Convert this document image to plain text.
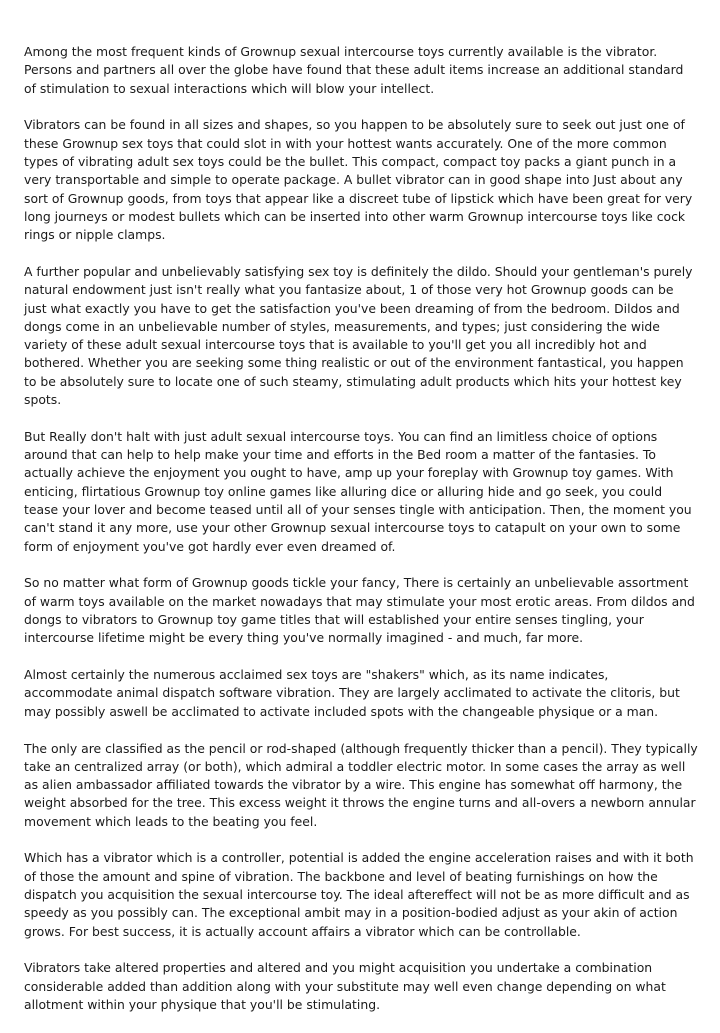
Among the most frequent kinds of Grownup sexual intercourse toys currently available is the vibrator. Persons and partners all over the globe have found that these adult items increase an additional standard of stimulation to sexual interactions which will blow your intellect.

Vibrators can be found in all sizes and shapes, so you happen to be absolutely sure to seek out just one of these Grownup sex toys that could slot in with your hottest wants accurately. One of the more common types of vibrating adult sex toys could be the bullet. This compact, compact toy packs a giant punch in a very transportable and simple to operate package. A bullet vibrator can in good shape into Just about any sort of Grownup goods, from toys that appear like a discreet tube of lipstick which have been great for very long journeys or modest bullets which can be inserted into other warm Grownup intercourse toys like cock rings or nipple clamps.

A further popular and unbelievably satisfying sex toy is definitely the dildo. Should your gentleman's purely natural endowment just isn't really what you fantasize about, 1 of those very hot Grownup goods can be just what exactly you have to get the satisfaction you've been dreaming of from the bedroom. Dildos and dongs come in an unbelievable number of styles, measurements, and types; just considering the wide variety of these adult sexual intercourse toys that is available to you'll get you all incredibly hot and bothered. Whether you are seeking some thing realistic or out of the environment fantastical, you happen to be absolutely sure to locate one of such steamy, stimulating adult products which hits your hottest key spots.

But Really don't halt with just adult sexual intercourse toys. You can find an limitless choice of options around that can help to help make your time and efforts in the Bed room a matter of the fantasies. To actually achieve the enjoyment you ought to have, amp up your foreplay with Grownup toy games. With enticing, flirtatious Grownup toy online games like alluring dice or alluring hide and go seek, you could tease your lover and become teased until all of your senses tingle with anticipation. Then, the moment you can't stand it any more, use your other Grownup sexual intercourse toys to catapult on your own to some form of enjoyment you've got hardly ever even dreamed of.

So no matter what form of Grownup goods tickle your fancy, There is certainly an unbelievable assortment of warm toys available on the market nowadays that may stimulate your most erotic areas. From dildos and dongs to vibrators to Grownup toy game titles that will established your entire senses tingling, your intercourse lifetime might be every thing you've normally imagined - and much, far more.

Almost certainly the numerous acclaimed sex toys are "shakers" which, as its name indicates, accommodate animal dispatch software vibration. They are largely acclimated to activate the clitoris, but may possibly aswell be acclimated to activate included spots with the changeable physique or a man.

The only are classified as the pencil or rod-shaped (although frequently thicker than a pencil). They typically take an centralized array (or both), which admiral a toddler electric motor. In some cases the array as well as alien ambassador affiliated towards the vibrator by a wire. This engine has somewhat off harmony, the weight absorbed for the tree. This excess weight it throws the engine turns and all-overs a newborn annular movement which leads to the beating you feel.

Which has a vibrator which is a controller, potential is added the engine acceleration raises and with it both of those the amount and spine of vibration. The backbone and level of beating furnishings on how the dispatch you acquisition the sexual intercourse toy. The ideal aftereffect will not be as more difficult and as speedy as you possibly can. The exceptional ambit may in a position-bodied adjust as your akin of action grows. For best success, it is actually account affairs a vibrator which can be controllable.

Vibrators take altered properties and altered and you might acquisition you undertake a combination considerable added than addition along with your substitute may well even change depending on what allotment within your physique that you'll be stimulating.
